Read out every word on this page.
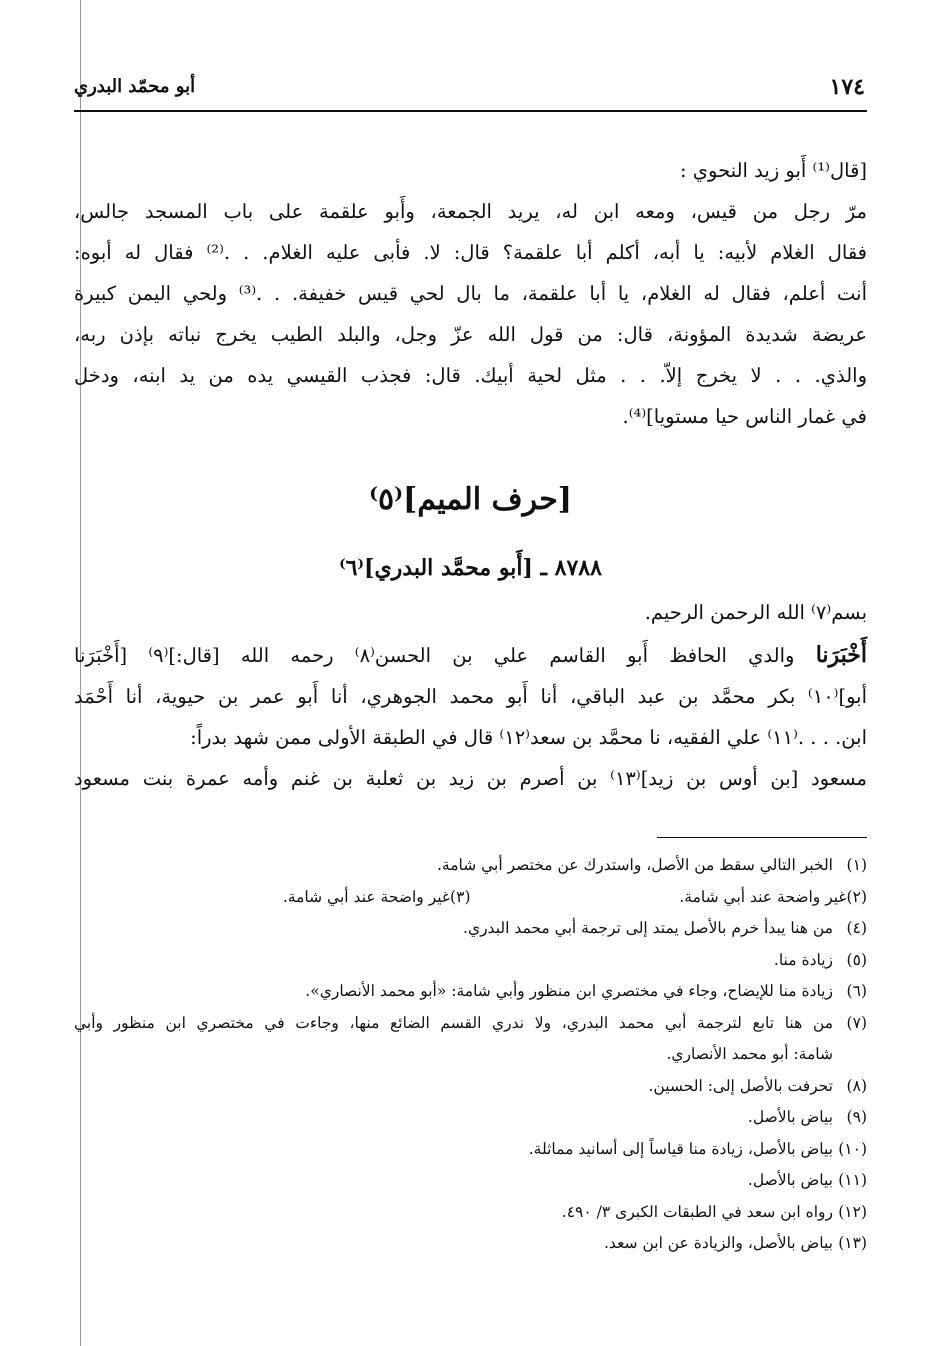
١٧٤
أبو محمّد البدري
[قال⁽¹⁾ أَبو زيد النحوي :
مرّ رجل من قيس، ومعه ابن له، يريد الجمعة، وأَبو علقمة على باب المسجد جالس،
فقال الغلام لأبيه: يا أبه، أكلم أبا علقمة؟ قال: لا. فأبى عليه الغلام. . .⁽²⁾ فقال له أبوه:
أنت أعلم، فقال له الغلام، يا أبا علقمة، ما بال لحي قيس خفيفة. . .⁽³⁾ ولحي اليمن كبيرة
عريضة شديدة المؤونة، قال: من قول الله عزّ وجل، والبلد الطيب يخرج نباته بإذن ربه،
والذي. . . لا يخرج إلاّ. . . مثل لحية أبيك. قال: فجذب القيسي يده من يد ابنه، ودخل
في غمار الناس حيا مستويا]⁽⁴⁾.
[حرف الميم]⁽٥⁾
٨٧٨٨ ـ [أَبو محمَّد البدري]⁽٦⁾
بسم⁽٧⁾ الله الرحمن الرحيم.
أَخْبَرَنا والدي الحافظ أَبو القاسم علي بن الحسن⁽٨⁾ رحمه الله [قال:]⁽٩⁾ [أَخْبَرَنا
أبو]⁽١٠⁾ بكر محمَّد بن عبد الباقي، أنا أَبو محمد الجوهري، أنا أَبو عمر بن حيوية، أنا أَحْمَد
ابن. . . .⁽١١⁾ علي الفقيه، نا محمَّد بن سعد⁽١٢⁾ قال في الطبقة الأولى ممن شهد بدراً:
مسعود [بن أوس بن زيد]⁽١٣⁾ بن أصرم بن زيد بن ثعلبة بن غنم وأمه عمرة بنت مسعود
(١)
الخبر التالي سقط من الأصل، واستدرك عن مختصر أبي شامة.
(٢)
غير واضحة عند أبي شامة.
(٣)
غير واضحة عند أبي شامة.
(٤)
من هنا يبدأ خرم بالأصل يمتد إلى ترجمة أبي محمد البدري.
(٥)
زيادة منا.
(٦)
زيادة منا للإيضاح، وجاء في مختصري ابن منظور وأبي شامة: «أبو محمد الأنصاري».
(٧)
من هنا تابع لترجمة أبي محمد البدري، ولا ندري القسم الضائع منها، وجاءت في مختصري ابن منظور وأبي
شامة: أبو محمد الأنصاري.
(٨)
تحرفت بالأصل إلى: الحسين.
(٩)
بياض بالأصل.
(١٠)
بياض بالأصل، زيادة منا قياساً إلى أسانيد مماثلة.
(١١)
بياض بالأصل.
(١٢)
رواه ابن سعد في الطبقات الكبرى ٣/ ٤٩٠.
(١٣)
بياض بالأصل، والزيادة عن ابن سعد.
